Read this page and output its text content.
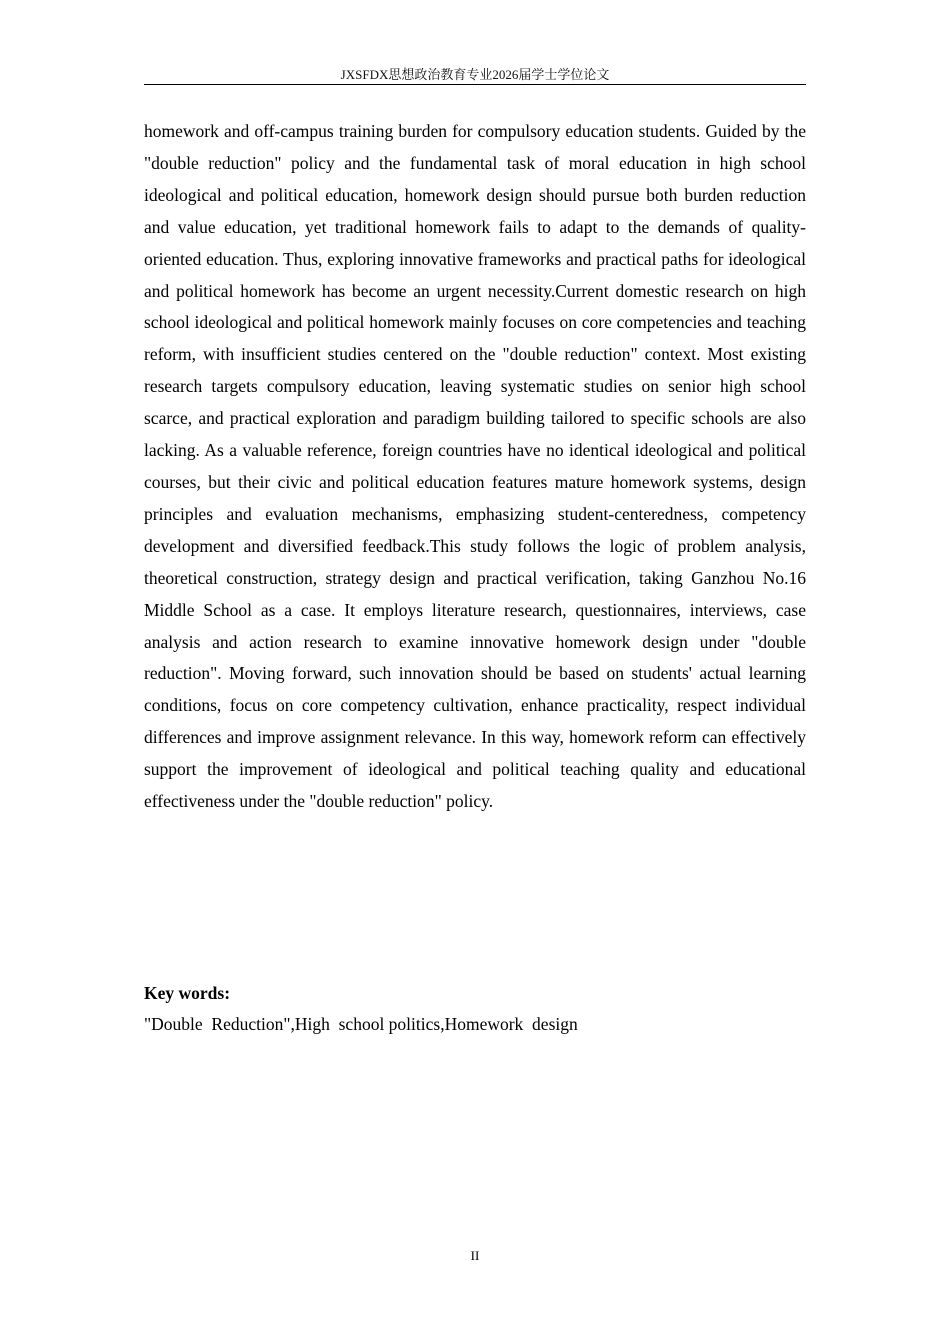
JXSFDX思想政治教育专业2026届学士学位论文

homework and off-campus training burden for compulsory education students. Guided by the "double reduction" policy and the fundamental task of moral education in high school ideological and political education, homework design should pursue both burden reduction and value education, yet traditional homework fails to adapt to the demands of quality-oriented education. Thus, exploring innovative frameworks and practical paths for ideological and political homework has become an urgent necessity.Current domestic research on high school ideological and political homework mainly focuses on core competencies and teaching reform, with insufficient studies centered on the "double reduction" context. Most existing research targets compulsory education, leaving systematic studies on senior high school scarce, and practical exploration and paradigm building tailored to specific schools are also lacking. As a valuable reference, foreign countries have no identical ideological and political courses, but their civic and political education features mature homework systems, design principles and evaluation mechanisms, emphasizing student-centeredness, competency development and diversified feedback.This study follows the logic of problem analysis, theoretical construction, strategy design and practical verification, taking Ganzhou No.16 Middle School as a case. It employs literature research, questionnaires, interviews, case analysis and action research to examine innovative homework design under "double reduction". Moving forward, such innovation should be based on students' actual learning conditions, focus on core competency cultivation, enhance practicality, respect individual differences and improve assignment relevance. In this way, homework reform can effectively support the improvement of ideological and political teaching quality and educational effectiveness under the "double reduction" policy.

Key words:

"Double  Reduction",High  school politics,Homework  design

II
